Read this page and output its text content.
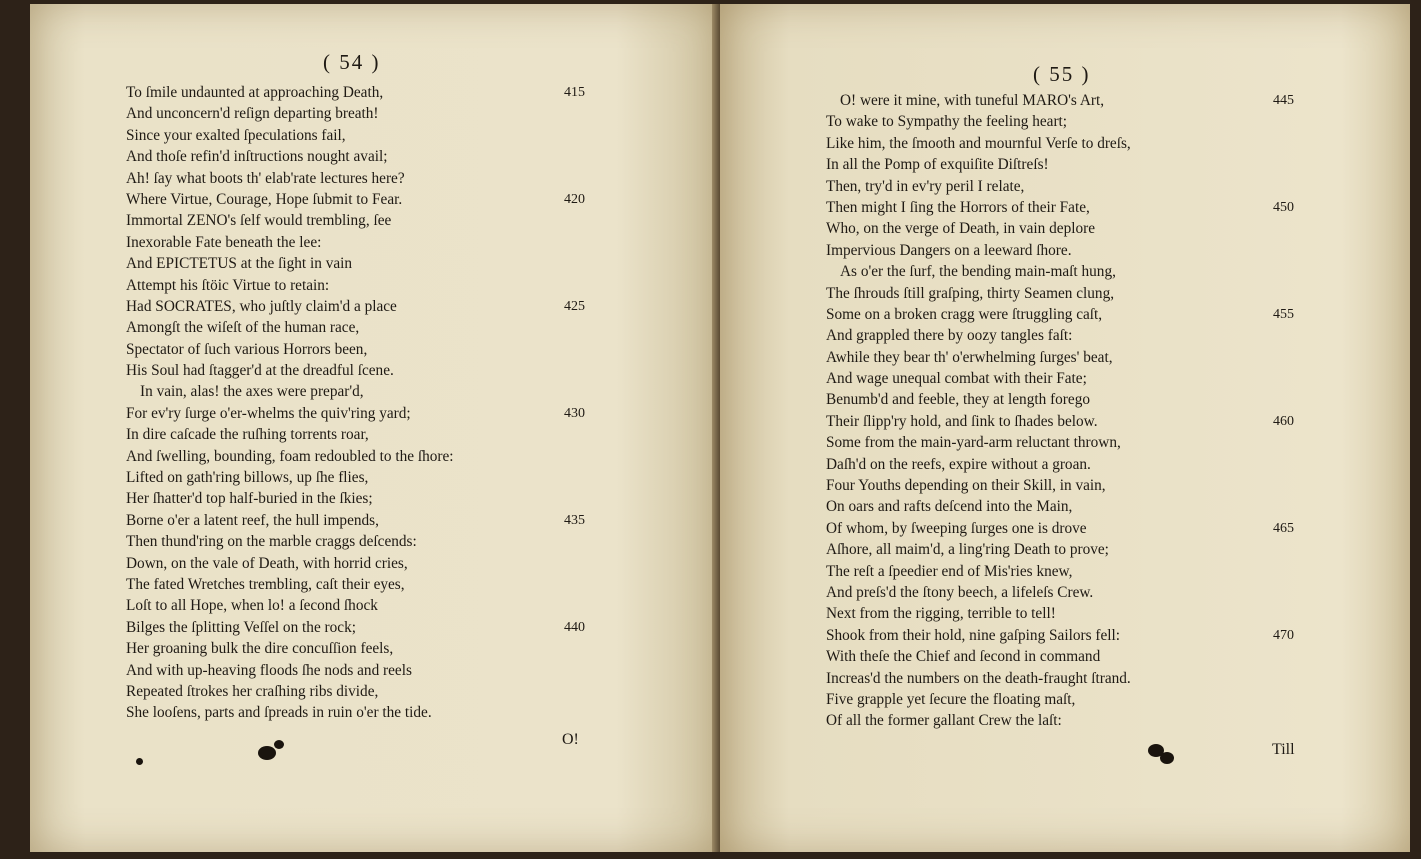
( 54 )
To ſmile undaunted at approaching Death,	415
And unconcern'd reſign departing breath!
Since your exalted ſpeculations fail,
And thoſe refin'd inſtructions nought avail;
Ah! ſay what boots th' elab'rate lectures here?
Where Virtue, Courage, Hope ſubmit to Fear.	420
Immortal ZENO's ſelf would trembling, ſee
Inexorable Fate beneath the lee:
And EPICTETUS at the ſight in vain
Attempt his ſtöic Virtue to retain:
Had SOCRATES, who juſtly claim'd a place	425
Amongſt the wiſeſt of the human race,
Spectator of ſuch various Horrors been,
His Soul had ſtagger'd at the dreadful ſcene.
In vain, alas! the axes were prepar'd,
For ev'ry ſurge o'er-whelms the quiv'ring yard;	430
In dire caſcade the ruſhing torrents roar,
And ſwelling, bounding, foam redoubled to the ſhore:
Lifted on gath'ring billows, up ſhe flies,
Her ſhatter'd top half-buried in the ſkies;
Borne o'er a latent reef, the hull impends,	435
Then thund'ring on the marble craggs deſcends:
Down, on the vale of Death, with horrid cries,
The fated Wretches trembling, caſt their eyes,
Loſt to all Hope, when lo! a ſecond ſhock
Bilges the ſplitting Veſſel on the rock;	440
Her groaning bulk the dire concuſſion feels,
And with up-heaving floods ſhe nods and reels
Repeated ſtrokes her craſhing ribs divide,
She looſens, parts and ſpreads in ruin o'er the tide.
O!
( 55 )
O! were it mine, with tuneful MARO's Art,	445
To wake to Sympathy the feeling heart;
Like him, the ſmooth and mournful Verſe to dreſs,
In all the Pomp of exquiſite Diſtreſs!
Then, try'd in ev'ry peril I relate,
Then might I ſing the Horrors of their Fate,	450
Who, on the verge of Death, in vain deplore
Impervious Dangers on a leeward ſhore.
As o'er the ſurf, the bending main-maſt hung,
The ſhrouds ſtill graſping, thirty Seamen clung,
Some on a broken cragg were ſtruggling caſt,	455
And grappled there by oozy tangles faſt:
Awhile they bear th' o'erwhelming ſurges' beat,
And wage unequal combat with their Fate;
Benumb'd and feeble, they at length forego
Their ſlipp'ry hold, and ſink to ſhades below.	460
Some from the main-yard-arm reluctant thrown,
Daſh'd on the reefs, expire without a groan.
Four Youths depending on their Skill, in vain,
On oars and rafts deſcend into the Main,
Of whom, by ſweeping ſurges one is drove	465
Aſhore, all maim'd, a ling'ring Death to prove;
The reſt a ſpeedier end of Mis'ries knew,
And preſs'd the ſtony beech, a lifeleſs Crew.
Next from the rigging, terrible to tell!
Shook from their hold, nine gaſping Sailors fell:	470
With theſe the Chief and ſecond in command
Increas'd the numbers on the death-fraught ſtrand.
Five grapple yet ſecure the floating maſt,
Of all the former gallant Crew the laſt:
Till
